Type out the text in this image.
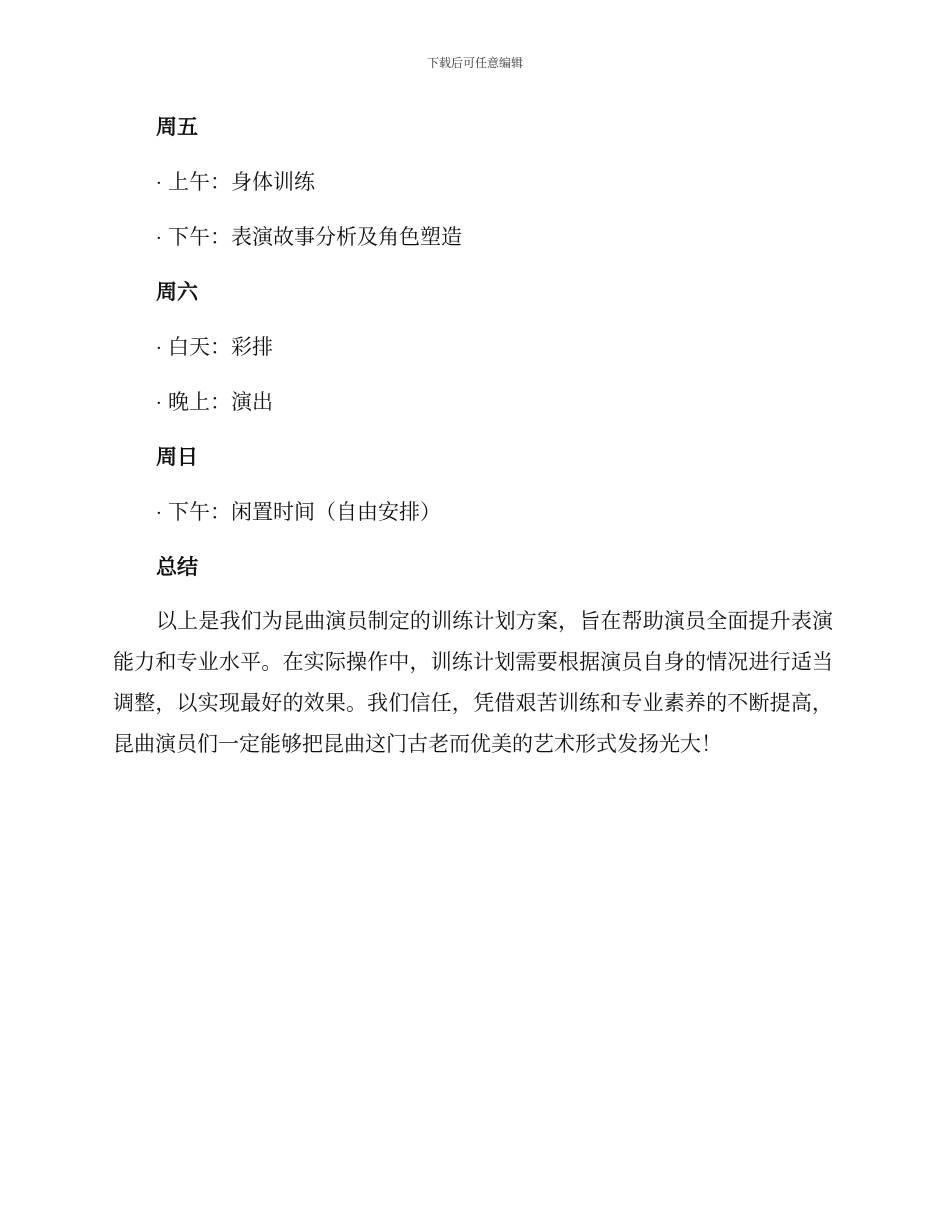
下载后可任意编辑
周五
· 上午：身体训练
· 下午：表演故事分析及角色塑造
周六
· 白天：彩排
· 晚上：演出
周日
· 下午：闲置时间（自由安排）
总结
以上是我们为昆曲演员制定的训练计划方案，旨在帮助演员全面提升表演能力和专业水平。在实际操作中，训练计划需要根据演员自身的情况进行适当调整，以实现最好的效果。我们信任，凭借艰苦训练和专业素养的不断提高，昆曲演员们一定能够把昆曲这门古老而优美的艺术形式发扬光大！
